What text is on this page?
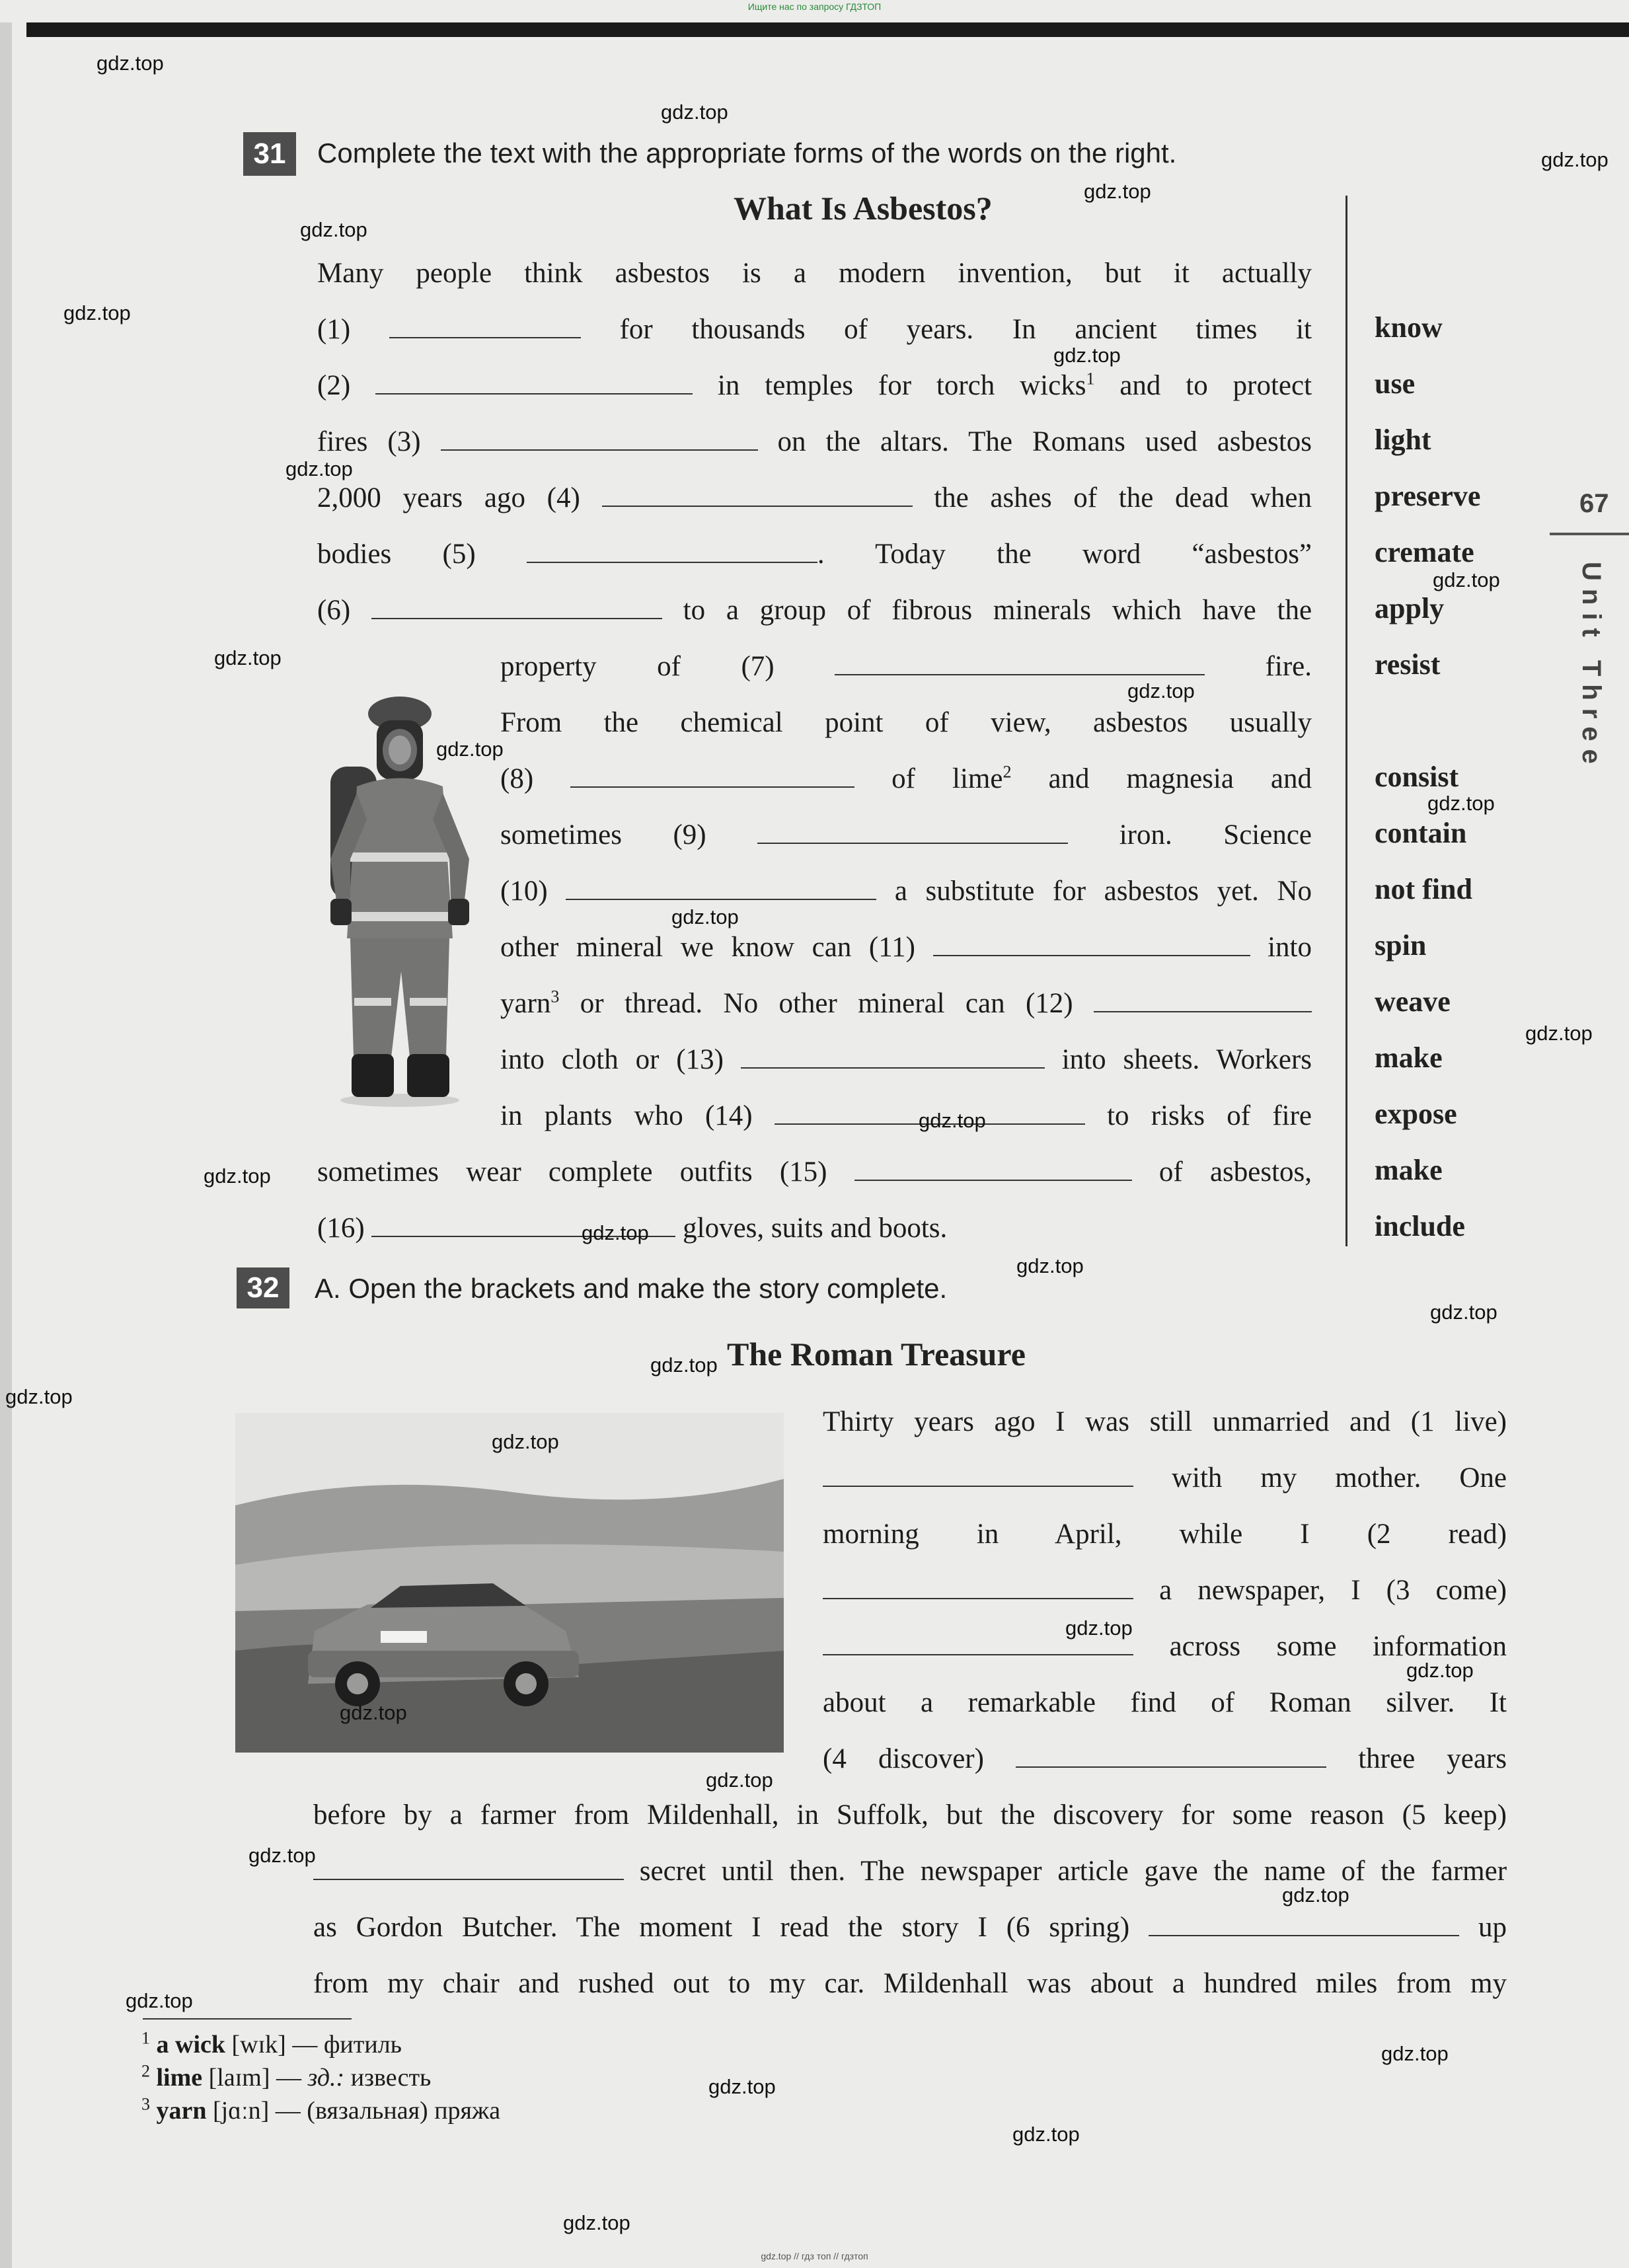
Ищите нас по запросу ГДЗТОП
31	Complete the text with the appropriate forms of the words on the right.
What Is Asbestos?
Many people think asbestos is a modern invention, but it actually
(1)	for thousands of years. In ancient times it
(2)	in temples for torch wicks$^1$ and to protect
fires (3)	on the altars. The Romans used asbestos
2,000 years ago (4)	the ashes of the dead when
bodies (5)	. Today the word “asbestos”
(6)	to a group of fibrous minerals which have the
property of (7)	fire.
From the chemical point of view, asbestos usually
(8)	of lime$^2$ and magnesia and
sometimes (9)	iron. Science
(10)	a substitute for asbestos yet. No
other mineral we know can (11)	into
yarn$^3$ or thread. No other mineral can (12)
into cloth or (13)	into sheets. Workers
in plants who (14)	to risks of fire
sometimes wear complete outfits (15)	of asbestos,
(16)	gloves, suits and boots.
know
use
light
preserve
cremate
apply
resist
consist
contain
not find
spin
weave
make
expose
make
include
67
Unit Three
32	A. Open the brackets and make the story complete.
The Roman Treasure
Thirty years ago I was still unmarried and (1 live)
with my mother. One
morning in April, while I (2 read)
a newspaper, I (3 come)
across some information
about a remarkable find of Roman silver. It
(4 discover)	three years
before by a farmer from Mildenhall, in Suffolk, but the discovery for some reason (5 keep)
secret until then. The newspaper article gave the name of the farmer
as Gordon Butcher. The moment I read the story I (6 spring)	up
from my chair and rushed out to my car. Mildenhall was about a hundred miles from my
$^1$ a wick [wɪk] — фитиль
$^2$ lime [laɪm] — зд.: известь
$^3$ yarn [jɑːn] — (вязальная) пряжа
gdz.top
gdz.top
gdz.top
gdz.top
gdz.top
gdz.top
gdz.top
gdz.top
gdz.top
gdz.top
gdz.top
gdz.top
gdz.top
gdz.top
gdz.top
gdz.top
gdz.top
gdz.top
gdz.top
gdz.top
gdz.top
gdz.top
gdz.top
gdz.top
gdz.top
gdz.top
gdz.top
gdz.top
gdz.top
gdz.top
gdz.top
gdz.top
gdz.top
gdz.top
gdz.top // гдз топ // гдзтоп
